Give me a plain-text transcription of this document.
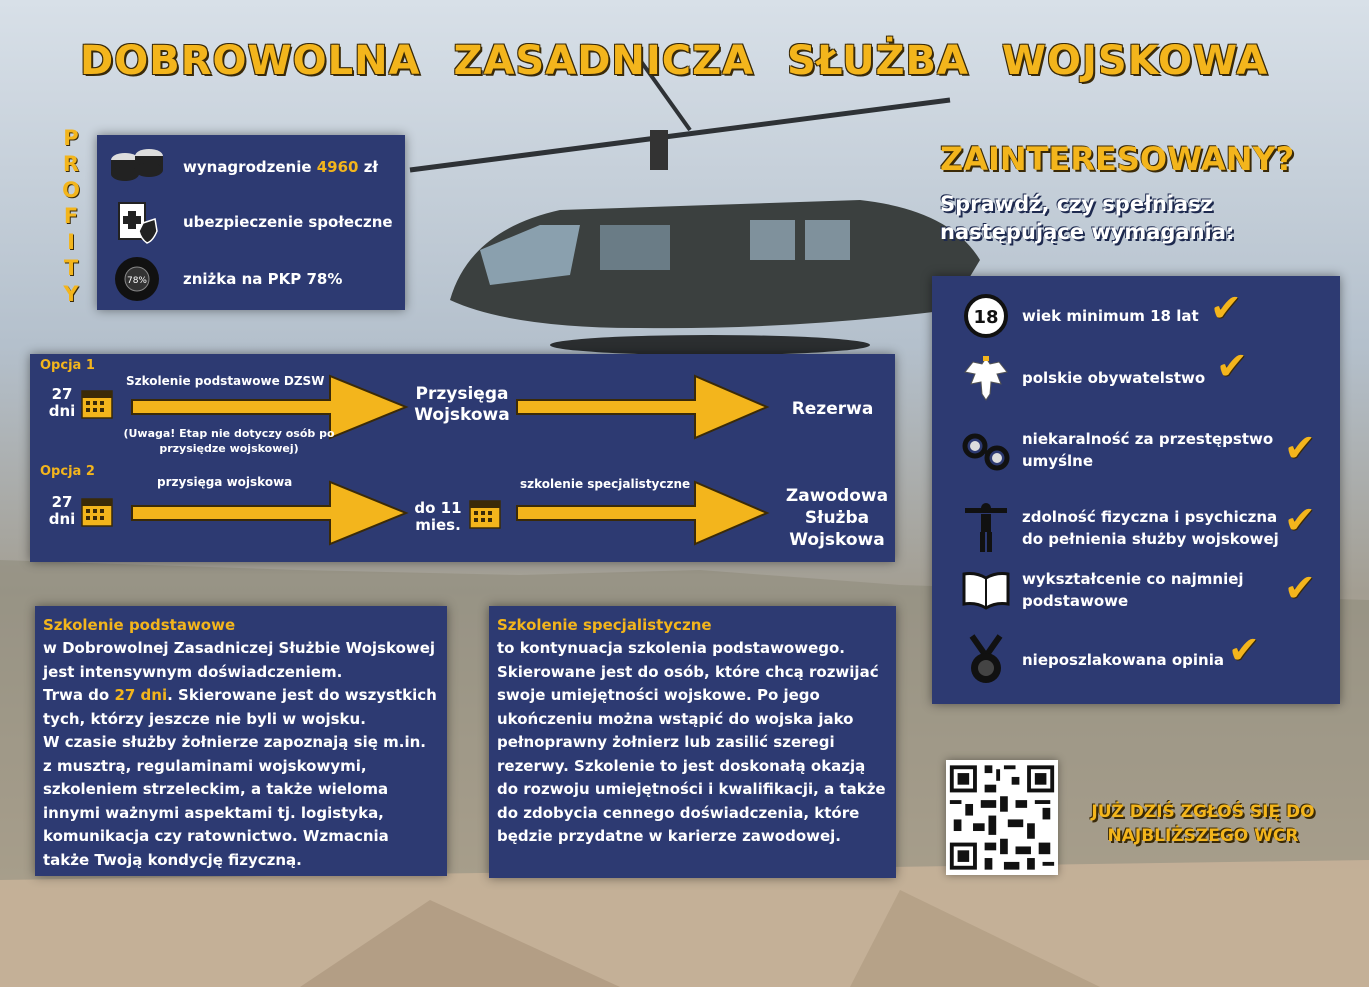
DOBROWOLNA ZASADNICZA SŁUŻBA WOJSKOWA
P
R
O
F
I
T
Y
wynagrodzenie 4960 zł
ubezpieczenie społeczne
78% zniżka na PKP 78%
ZAINTERESOWANY?
Sprawdź, czy spełniasz następujące wymagania:
Opcja 1
27
dni
Szkolenie podstawowe DZSW
(Uwaga! Etap nie dotyczy osób po przysiędze wojskowej)
Przysięga Wojskowa	Rezerwa
Opcja 2
27
dni
przysięga wojskowa
do 11
mies.
szkolenie specjalistyczne
Zawodowa Służba Wojskowa
18 wiek minimum 18 lat ✔
polskie obywatelstwo ✔
niekaralność za przestępstwo umyślne	✔
zdolność fizyczna i psychiczna do pełnienia służby wojskowej ✔
wykształcenie co najmniej podstawowe	✔
nieposzlakowana opinia ✔
Szkolenie podstawowe
w Dobrowolnej Zasadniczej Służbie Wojskowej jest intensywnym doświadczeniem.
Trwa do 27 dni. Skierowane jest do wszystkich tych, którzy jeszcze nie byli w wojsku.
W czasie służby żołnierze zapoznają się m.in. z musztrą, regulaminami wojskowymi, szkoleniem strzeleckim, a także wieloma innymi ważnymi aspektami tj. logistyka, komunikacja czy ratownictwo. Wzmacnia także Twoją kondycję fizyczną.
Szkolenie specjalistyczne
to kontynuacja szkolenia podstawowego. Skierowane jest do osób, które chcą rozwijać swoje umiejętności wojskowe. Po jego ukończeniu można wstąpić do wojska jako pełnoprawny żołnierz lub zasilić szeregi rezerwy. Szkolenie to jest doskonałą okazją do rozwoju umiejętności i kwalifikacji, a także do zdobycia cennego doświadczenia, które będzie przydatne w karierze zawodowej.
JUŻ DZIŚ ZGŁOŚ SIĘ DO NAJBLIŻSZEGO WCR
